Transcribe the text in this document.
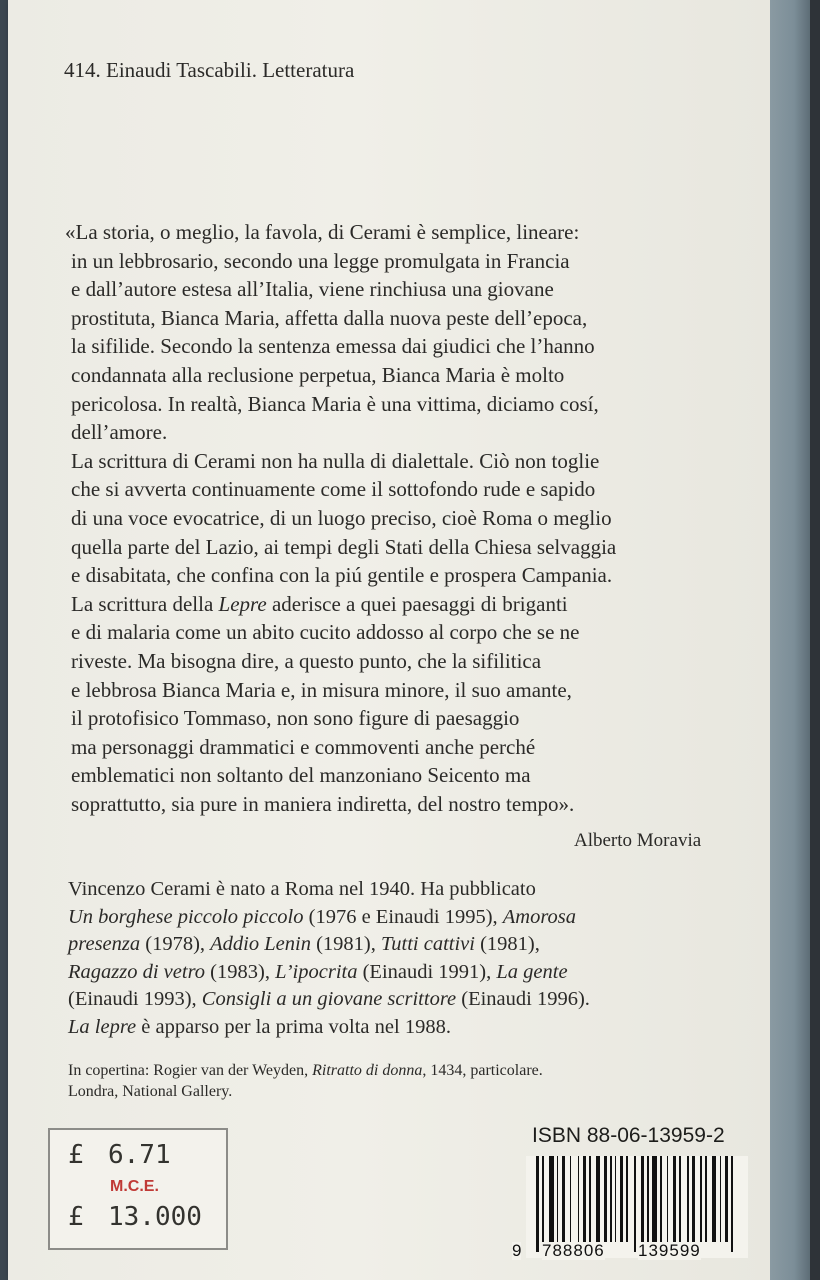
414. Einaudi Tascabili. Letteratura
«La storia, o meglio, la favola, di Cerami è semplice, lineare:
in un lebbrosario, secondo una legge promulgata in Francia
e dall’autore estesa all’Italia, viene rinchiusa una giovane
prostituta, Bianca Maria, affetta dalla nuova peste dell’epoca,
la sifilide. Secondo la sentenza emessa dai giudici che l’hanno
condannata alla reclusione perpetua, Bianca Maria è molto
pericolosa. In realtà, Bianca Maria è una vittima, diciamo cosí,
dell’amore.
La scrittura di Cerami non ha nulla di dialettale. Ciò non toglie
che si avverta continuamente come il sottofondo rude e sapido
di una voce evocatrice, di un luogo preciso, cioè Roma o meglio
quella parte del Lazio, ai tempi degli Stati della Chiesa selvaggia
e disabitata, che confina con la piú gentile e prospera Campania.
La scrittura della Lepre aderisce a quei paesaggi di briganti
e di malaria come un abito cucito addosso al corpo che se ne
riveste. Ma bisogna dire, a questo punto, che la sifilitica
e lebbrosa Bianca Maria e, in misura minore, il suo amante,
il protofisico Tommaso, non sono figure di paesaggio
ma personaggi drammatici e commoventi anche perché
emblematici non soltanto del manzoniano Seicento ma
soprattutto, sia pure in maniera indiretta, del nostro tempo».
Alberto Moravia
Vincenzo Cerami è nato a Roma nel 1940. Ha pubblicato
Un borghese piccolo piccolo (1976 e Einaudi 1995), Amorosa
presenza (1978), Addio Lenin (1981), Tutti cattivi (1981),
Ragazzo di vetro (1983), L’ipocrita (Einaudi 1991), La gente
(Einaudi 1993), Consigli a un giovane scrittore (Einaudi 1996).
La lepre è apparso per la prima volta nel 1988.
In copertina: Rogier van der Weyden, Ritratto di donna, 1434, particolare.
Londra, National Gallery.
£ 6.71
M.C.E.
£ 13.000
ISBN 88-06-13959-2
9 788806 139599
